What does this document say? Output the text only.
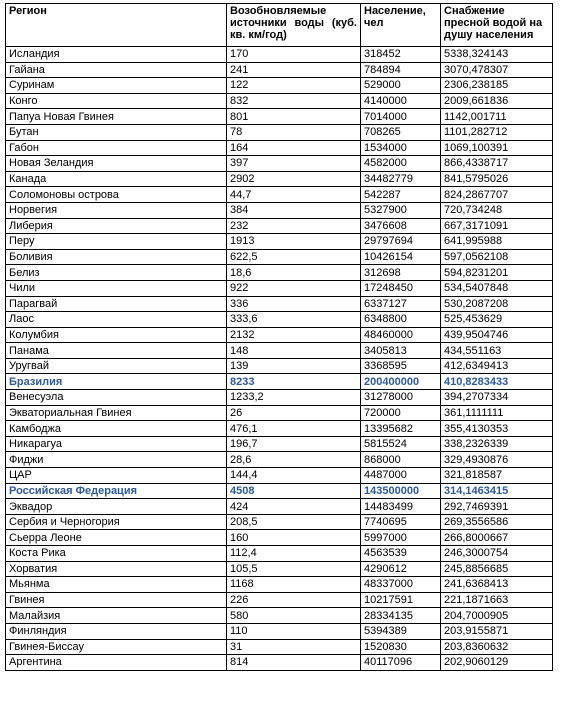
Регион	Возобновляемые источники воды (куб. кв. км/год)	Население, чел	Снабжение пресной водой на душу населения
Исландия	170	318452	5338,324143
Гайана	241	784894	3070,478307
Суринам	122	529000	2306,238185
Конго	832	4140000	2009,661836
Папуа Новая Гвинея	801	7014000	1142,001711
Бутан	78	708265	1101,282712
Габон	164	1534000	1069,100391
Новая Зеландия	397	4582000	866,4338717
Канада	2902	34482779	841,5795026
Соломоновы острова	44,7	542287	824,2867707
Норвегия	384	5327900	720,734248
Либерия	232	3476608	667,3171091
Перу	1913	29797694	641,995988
Боливия	622,5	10426154	597,0562108
Белиз	18,6	312698	594,8231201
Чили	922	17248450	534,5407848
Парагвай	336	6337127	530,2087208
Лаос	333,6	6348800	525,453629
Колумбия	2132	48460000	439,9504746
Панама	148	3405813	434,551163
Уругвай	139	3368595	412,6349413
Бразилия	8233	200400000	410,8283433
Венесуэла	1233,2	31278000	394,2707334
Экваториальная Гвинея	26	720000	361,1111111
Камбоджа	476,1	13395682	355,4130353
Никарагуа	196,7	5815524	338,2326339
Фиджи	28,6	868000	329,4930876
ЦАР	144,4	4487000	321,818587
Российская Федерация	4508	143500000	314,1463415
Эквадор	424	14483499	292,7469391
Сербия и Черногория	208,5	7740695	269,3556586
Сьерра Леоне	160	5997000	266,8000667
Коста Рика	112,4	4563539	246,3000754
Хорватия	105,5	4290612	245,8856685
Мьянма	1168	48337000	241,6368413
Гвинея	226	10217591	221,1871663
Малайзия	580	28334135	204,7000905
Финляндия	110	5394389	203,9155871
Гвинея-Биссау	31	1520830	203,8360632
Аргентина	814	40117096	202,9060129
